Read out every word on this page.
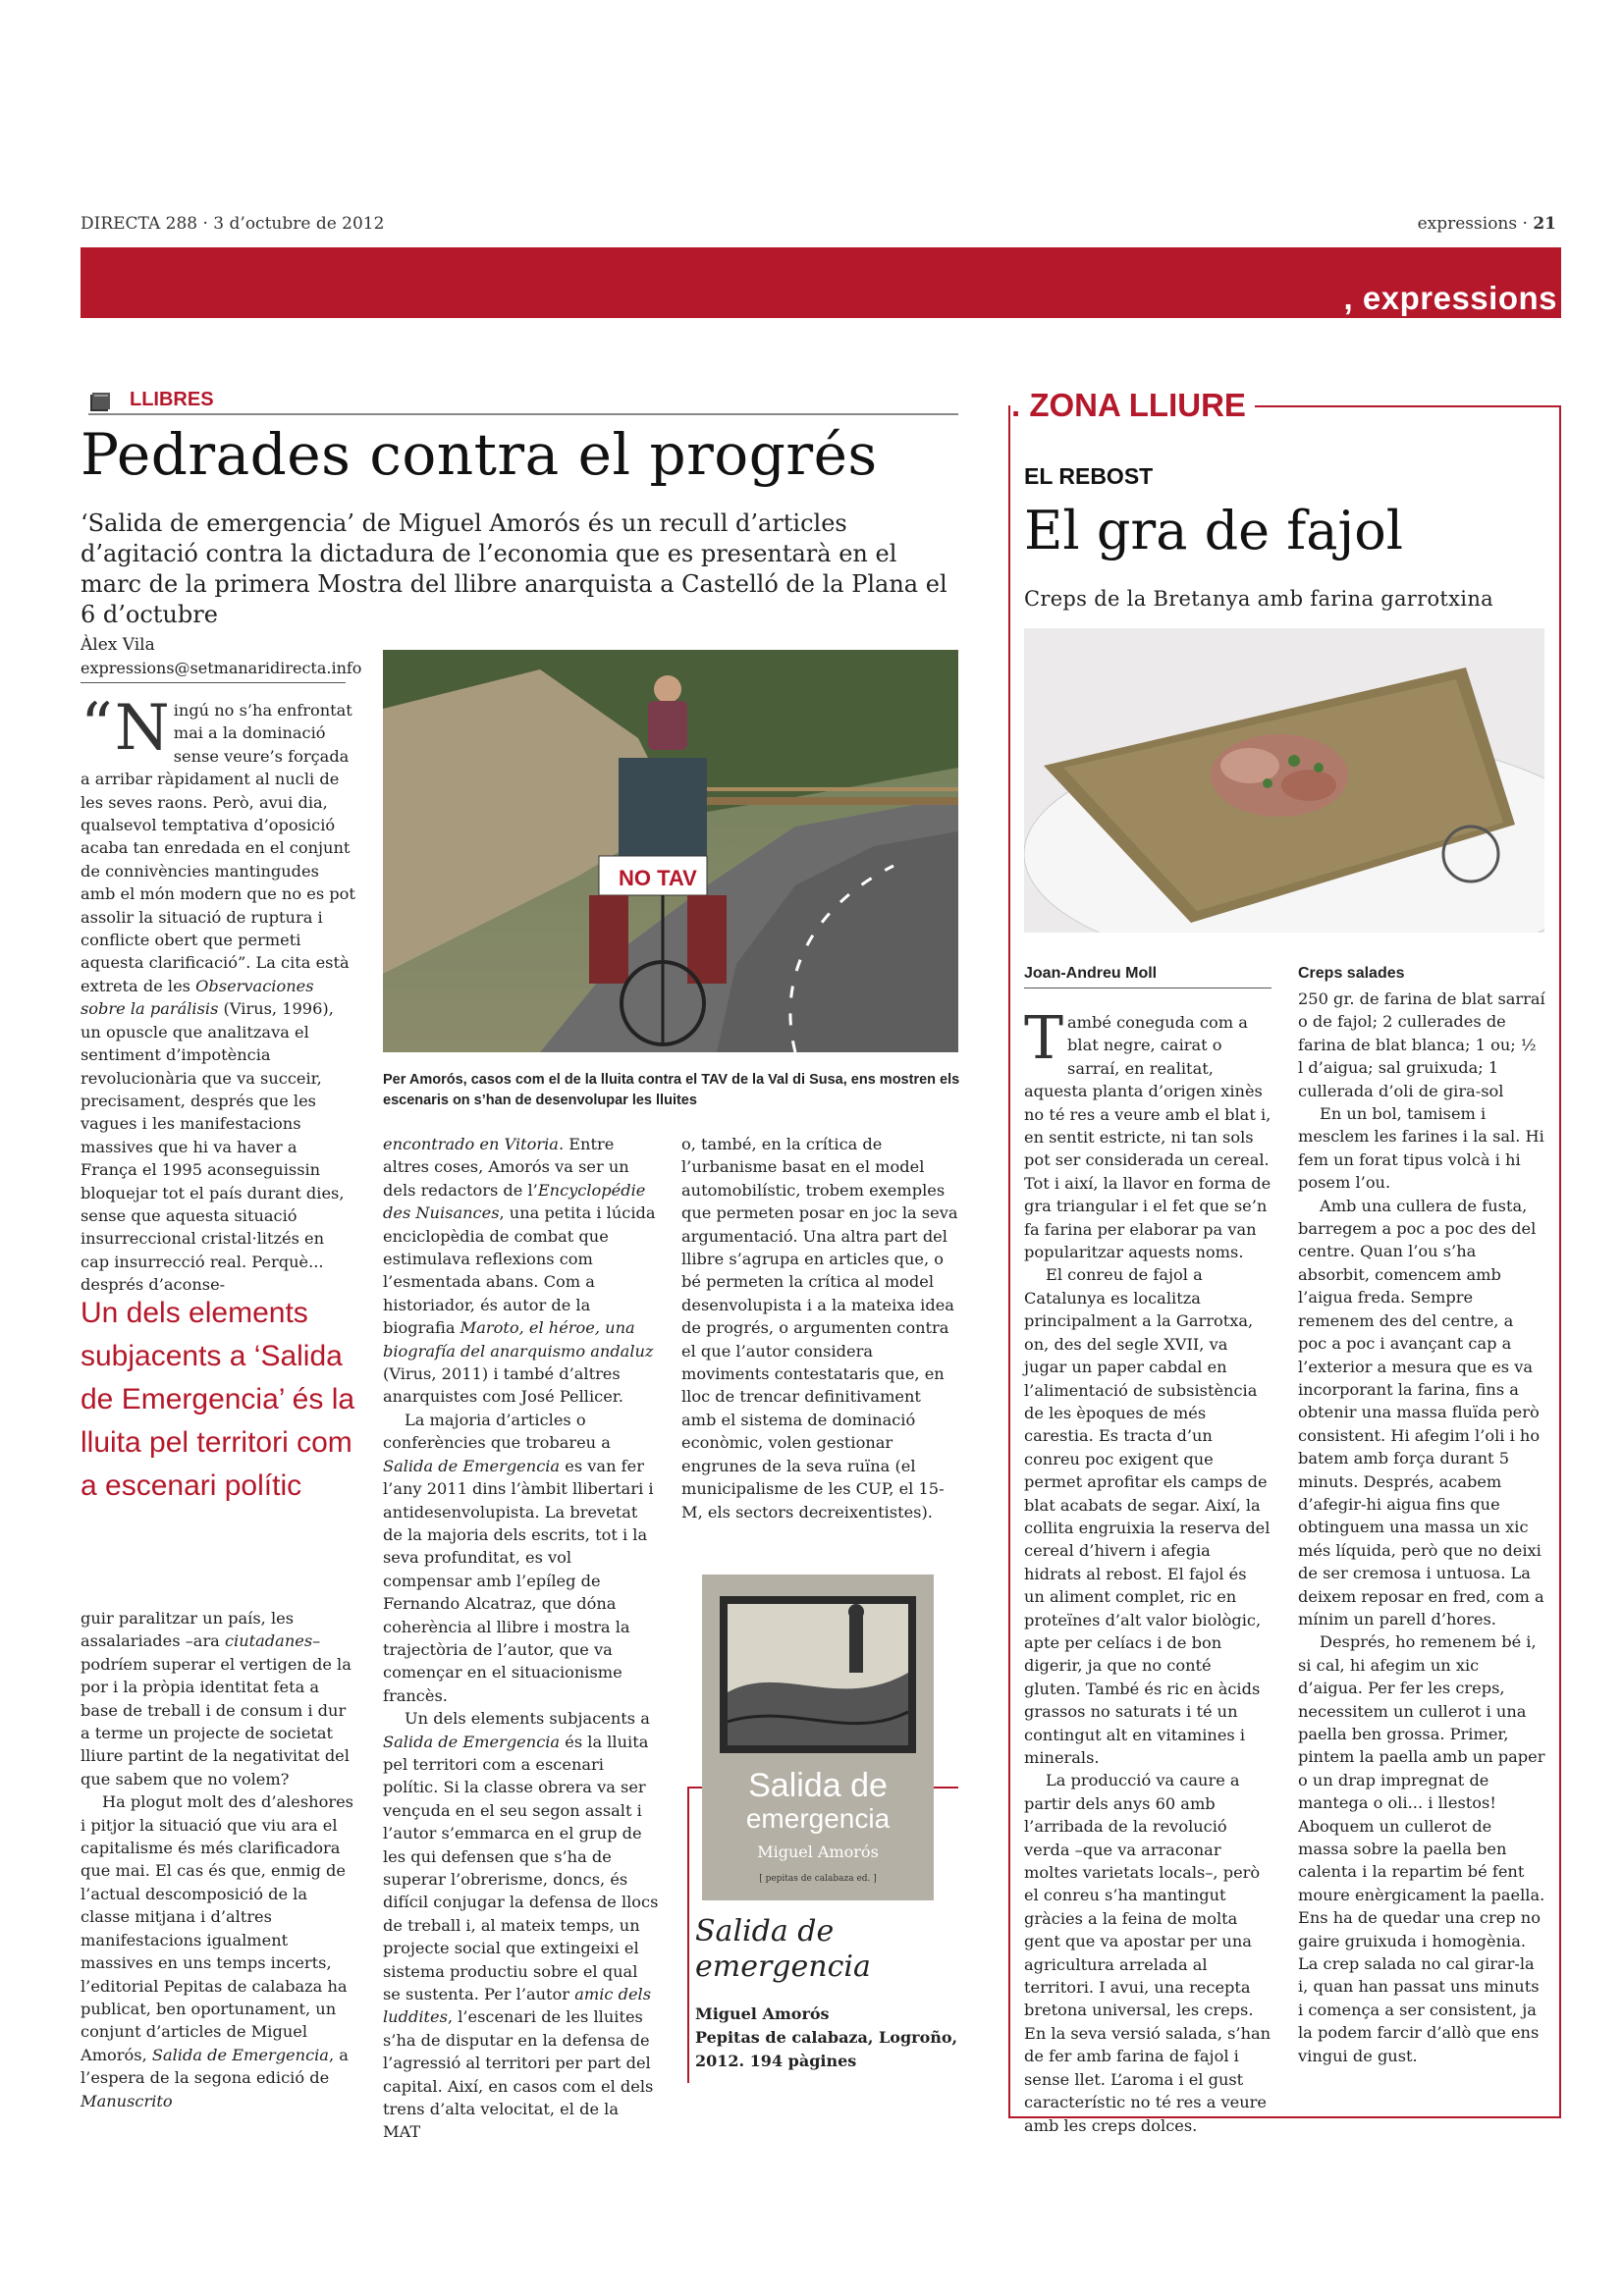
DIRECTA 288 · 3 d’octubre de 2012	expressions · 21
, expressions
LLIBRES
Pedrades contra el progrés
‘Salida de emergencia’ de Miguel Amorós és un recull d’articles d’agitació contra la dictadura de l’economia que es presentarà en el marc de la primera Mostra del llibre anarquista a Castelló de la Plana el 6 d’octubre
Àlex Vila
expressions@setmanaridirecta.info

“ N ingú no s’ha enfrontat mai a la dominació sense veure’s forçada a arribar ràpidament al nucli de les seves raons. Però, avui dia, qualsevol temptativa d’oposició acaba tan enredada en el conjunt de connivències mantingudes amb el món modern que no es pot assolir la situació de ruptura i conflicte obert que permeti aquesta clarificació”. La cita està extreta de les Observaciones sobre la parálisis (Virus, 1996), un opuscle que analitzava el sentiment d’impotència revolucionària que va succeir, precisament, després que les vagues i les manifestacions massives que hi va haver a França el 1995 aconseguissin bloquejar tot el país durant dies, sense que aquesta situació insurreccional cristal·litzés en cap insurrecció real. Perquè... després d’aconse-

Un dels elements subjacents a ‘Salida de Emergencia’ és la lluita pel territori com a escenari polític

guir paralitzar un país, les assalariades –ara ciutadanes– podríem superar el vertigen de la por i la pròpia identitat feta a base de treball i de consum i dur a terme un projecte de societat lliure partint de la negativitat del que sabem que no volem?

Ha plogut molt des d’aleshores i pitjor la situació que viu ara el capitalisme és més clarificadora que mai. El cas és que, enmig de l’actual descomposició de la classe mitjana i d’altres manifestacions igualment massives en uns temps incerts, l’editorial Pepitas de calabaza ha publicat, ben oportunament, un conjunt d’articles de Miguel Amorós, Salida de Emergencia, a l’espera de la segona edició de Manuscrito

NO TAV
Per Amorós, casos com el de la lluita contra el TAV de la Val di Susa, ens mostren els escenaris on s’han de desenvolupar les lluites

encontrado en Vitoria. Entre altres coses, Amorós va ser un dels redactors de l’Encyclopédie des Nuisances, una petita i lúcida enciclopèdia de combat que estimulava reflexions com l’esmentada abans. Com a historiador, és autor de la biografia Maroto, el héroe, una biografía del anarquismo andaluz (Virus, 2011) i també d’altres anarquistes com José Pellicer.

La majoria d’articles o conferències que trobareu a Salida de Emergencia es van fer l’any 2011 dins l’àmbit llibertari i antidesenvolupista. La brevetat de la majoria dels escrits, tot i la seva profunditat, es vol compensar amb l’epíleg de Fernando Alcatraz, que dóna coherència al llibre i mostra la trajectòria de l’autor, que va començar en el situacionisme francès.

Un dels elements subjacents a Salida de Emergencia és la lluita pel territori com a escenari polític. Si la classe obrera va ser vençuda en el seu segon assalt i l’autor s’emmarca en el grup de les qui defensen que s’ha de superar l’obrerisme, doncs, és difícil conjugar la defensa de llocs de treball i, al mateix temps, un projecte social que extingeixi el sistema productiu sobre el qual se sustenta. Per l’autor amic dels luddites, l’escenari de les lluites s’ha de disputar en la defensa de l’agressió al territori per part del capital. Així, en casos com el dels trens d’alta velocitat, el de la MAT

o, també, en la crítica de l’urbanisme basat en el model automobilístic, trobem exemples que permeten posar en joc la seva argumentació. Una altra part del llibre s’agrupa en articles que, o bé permeten la crítica al model desenvolupista i a la mateixa idea de progrés, o argumenten contra el que l’autor considera moviments contestataris que, en lloc de trencar definitivament amb el sistema de dominació econòmic, volen gestionar engrunes de la seva ruïna (el municipalisme de les CUP, el 15-M, els sectors decreixentistes).

Salida de
emergencia
Miguel Amorós
[ pepitas de calabaza ed. ]
Salida de
emergencia
Miguel Amorós
Pepitas de calabaza, Logroño,
2012. 194 pàgines
. ZONA LLIURE
EL REBOST
El gra de fajol
Creps de la Bretanya amb farina garrotxina
Joan-Andreu Moll

També coneguda com a blat negre, cairat o sarraí, en realitat, aquesta planta d’origen xinès no té res a veure amb el blat i, en sentit estricte, ni tan sols pot ser considerada un cereal. Tot i així, la llavor en forma de gra triangular i el fet que se’n fa farina per elaborar pa van popularitzar aquests noms.

El conreu de fajol a Catalunya es localitza principalment a la Garrotxa, on, des del segle XVII, va jugar un paper cabdal en l’alimentació de subsistència de les èpoques de més carestia. Es tracta d’un conreu poc exigent que permet aprofitar els camps de blat acabats de segar. Així, la collita engruixia la reserva del cereal d’hivern i afegia hidrats al rebost. El fajol és un aliment complet, ric en proteïnes d’alt valor biològic, apte per celíacs i de bon digerir, ja que no conté gluten. També és ric en àcids grassos no saturats i té un contingut alt en vitamines i minerals.

La producció va caure a partir dels anys 60 amb l’arribada de la revolució verda –que va arraconar moltes varietats locals–, però el conreu s’ha mantingut gràcies a la feina de molta gent que va apostar per una agricultura arrelada al territori. I avui, una recepta bretona universal, les creps. En la seva versió salada, s’han de fer amb farina de fajol i sense llet. L’aroma i el gust característic no té res a veure amb les creps dolces.

Creps salades

250 gr. de farina de blat sarraí o de fajol; 2 cullerades de farina de blat blanca; 1 ou; ½ l d’aigua; sal gruixuda; 1 cullerada d’oli de gira-sol

En un bol, tamisem i mesclem les farines i la sal. Hi fem un forat tipus volcà i hi posem l’ou.

Amb una cullera de fusta, barregem a poc a poc des del centre. Quan l’ou s’ha absorbit, comencem amb l’aigua freda. Sempre remenem des del centre, a poc a poc i avançant cap a l’exterior a mesura que es va incorporant la farina, fins a obtenir una massa fluïda però consistent. Hi afegim l’oli i ho batem amb força durant 5 minuts. Després, acabem d’afegir-hi aigua fins que obtinguem una massa un xic més líquida, però que no deixi de ser cremosa i untuosa. La deixem reposar en fred, com a mínim un parell d’hores.

Després, ho remenem bé i, si cal, hi afegim un xic d’aigua. Per fer les creps, necessitem un cullerot i una paella ben grossa. Primer, pintem la paella amb un paper o un drap impregnat de mantega o oli... i llestos! Aboquem un cullerot de massa sobre la paella ben calenta i la repartim bé fent moure enèrgicament la paella. Ens ha de quedar una crep no gaire gruixuda i homogènia. La crep salada no cal girar-la i, quan han passat uns minuts i comença a ser consistent, ja la podem farcir d’allò que ens vingui de gust.
